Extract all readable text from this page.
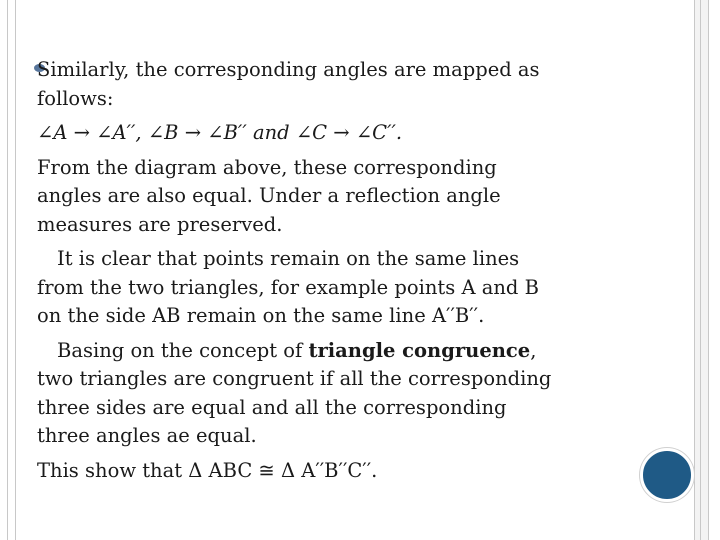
Similarly, the corresponding angles are mapped as

follows:

∠A → ∠A′′, ∠B → ∠B′′ and ∠C → ∠C′′.

From the diagram above, these corresponding

angles are also equal. Under a reflection angle

measures are preserved.

It is clear that points remain on the same lines

from the two triangles, for example points A and B

on the side AB remain on the same line A′′B′′.

Basing on the concept of triangle congruence,

two triangles are congruent if all the corresponding

three sides are equal and all the corresponding

three angles ae equal.

This show that Δ ABC ≅ Δ A′′B′′C′′.
